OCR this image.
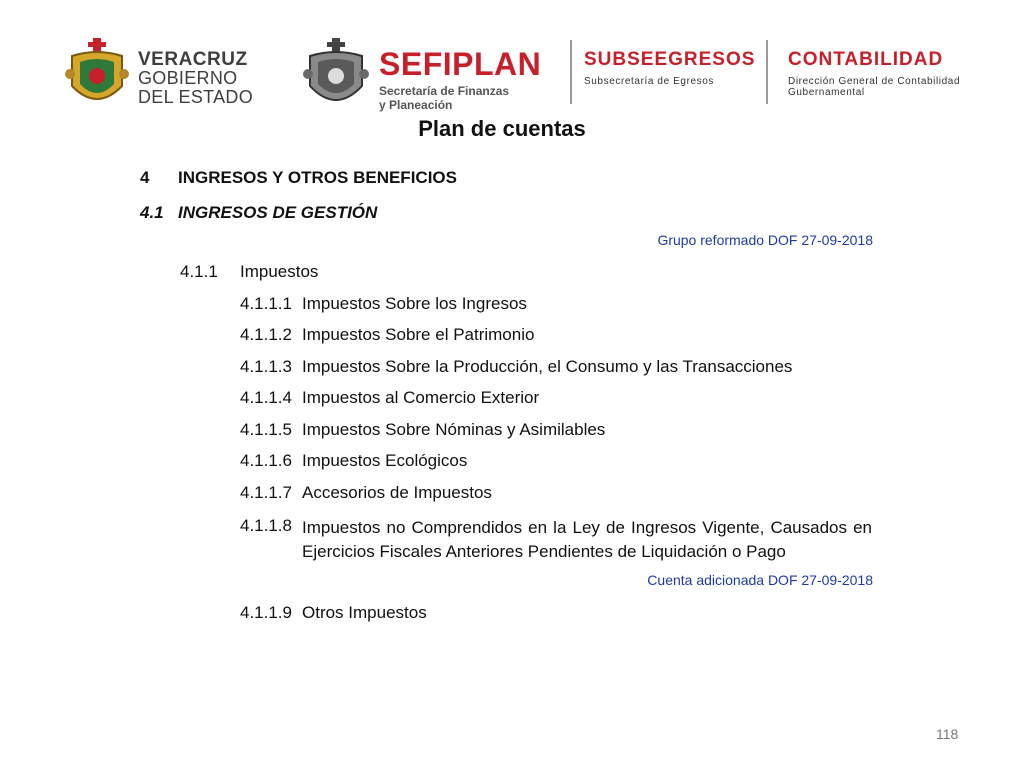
VERACRUZ
GOBIERNO
DEL ESTADO
SEFIPLAN
Secretaría de Finanzas
y Planeación
SUBSEEGRESOS
Subsecretaría de Egresos
CONTABILIDAD
Dirección General de Contabilidad
Gubernamental
Plan de cuentas
4 INGRESOS Y OTROS BENEFICIOS
4.1 INGRESOS DE GESTIÓN
Grupo reformado DOF 27-09-2018
4.1.1 Impuestos
4.1.1.1 Impuestos Sobre los Ingresos
4.1.1.2 Impuestos Sobre el Patrimonio
4.1.1.3 Impuestos Sobre la Producción, el Consumo y las Transacciones
4.1.1.4 Impuestos al Comercio Exterior
4.1.1.5 Impuestos Sobre Nóminas y Asimilables
4.1.1.6 Impuestos Ecológicos
4.1.1.7 Accesorios de Impuestos
4.1.1.8 Impuestos no Comprendidos en la Ley de Ingresos Vigente, Causados en Ejercicios Fiscales Anteriores Pendientes de Liquidación o Pago
Cuenta adicionada DOF 27-09-2018
4.1.1.9 Otros Impuestos
118
